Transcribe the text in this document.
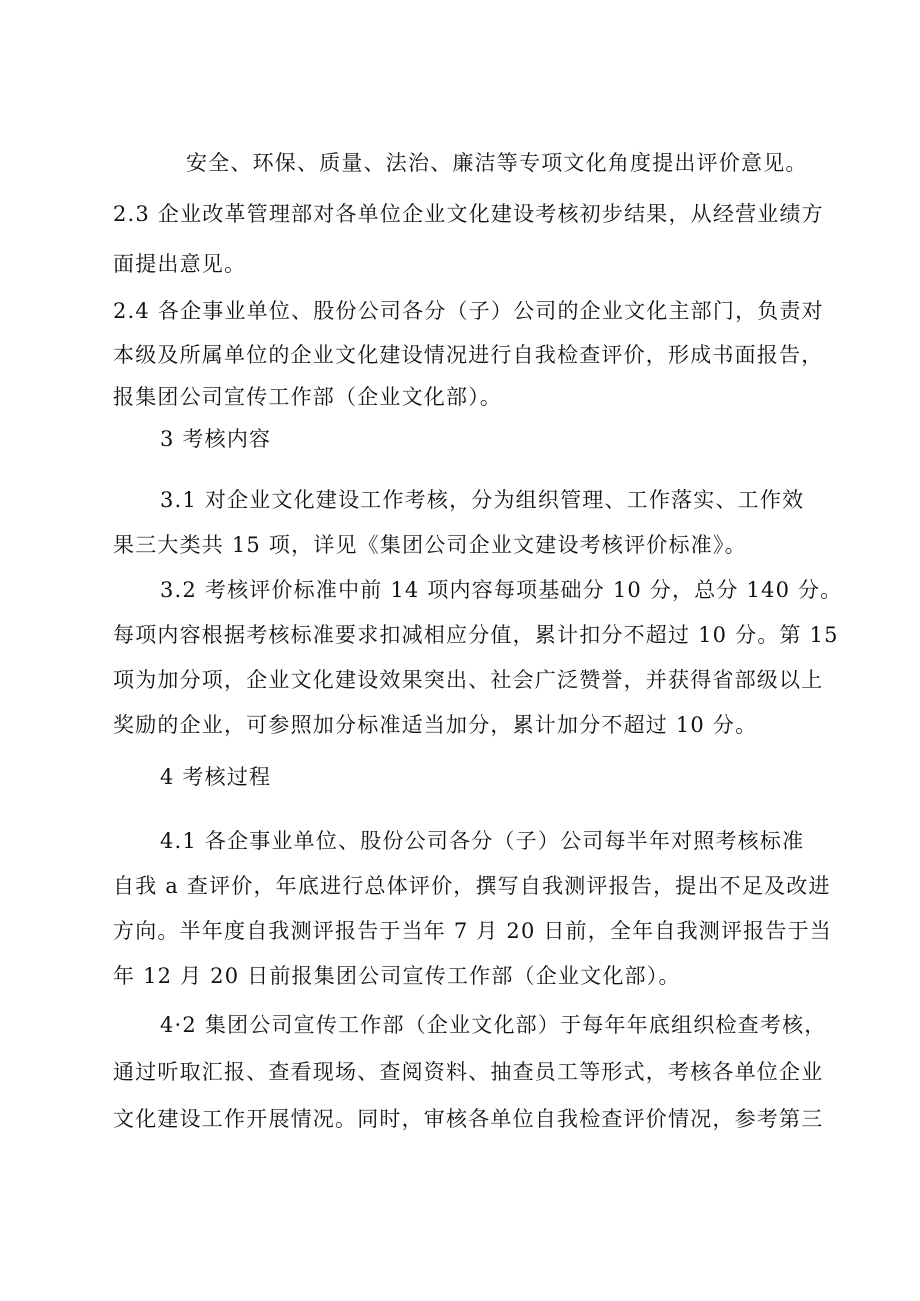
安全、环保、质量、法治、廉洁等专项文化角度提出评价意见。
2.3 企业改革管理部对各单位企业文化建设考核初步结果，从经营业绩方
面提出意见。
2.4 各企事业单位、股份公司各分（子）公司的企业文化主部门，负责对
本级及所属单位的企业文化建设情况进行自我检查评价，形成书面报告，
报集团公司宣传工作部（企业文化部）。
3 考核内容
3.1 对企业文化建设工作考核，分为组织管理、工作落实、工作效
果三大类共 15 项，详见《集团公司企业文建设考核评价标准》。
3.2 考核评价标准中前 14 项内容每项基础分 10 分，总分 140 分。
每项内容根据考核标准要求扣减相应分值，累计扣分不超过 10 分。第 15
项为加分项，企业文化建设效果突出、社会广泛赞誉，并获得省部级以上
奖励的企业，可参照加分标准适当加分，累计加分不超过 10 分。
4 考核过程
4.1 各企事业单位、股份公司各分（子）公司每半年对照考核标准
自我 a 查评价，年底进行总体评价，撰写自我测评报告，提出不足及改进
方向。半年度自我测评报告于当年 7 月 20 日前，全年自我测评报告于当
年 12 月 20 日前报集团公司宣传工作部（企业文化部）。
4·2 集团公司宣传工作部（企业文化部）于每年年底组织检查考核，
通过听取汇报、查看现场、查阅资料、抽查员工等形式，考核各单位企业
文化建设工作开展情况。同时，审核各单位自我检查评价情况，参考第三
